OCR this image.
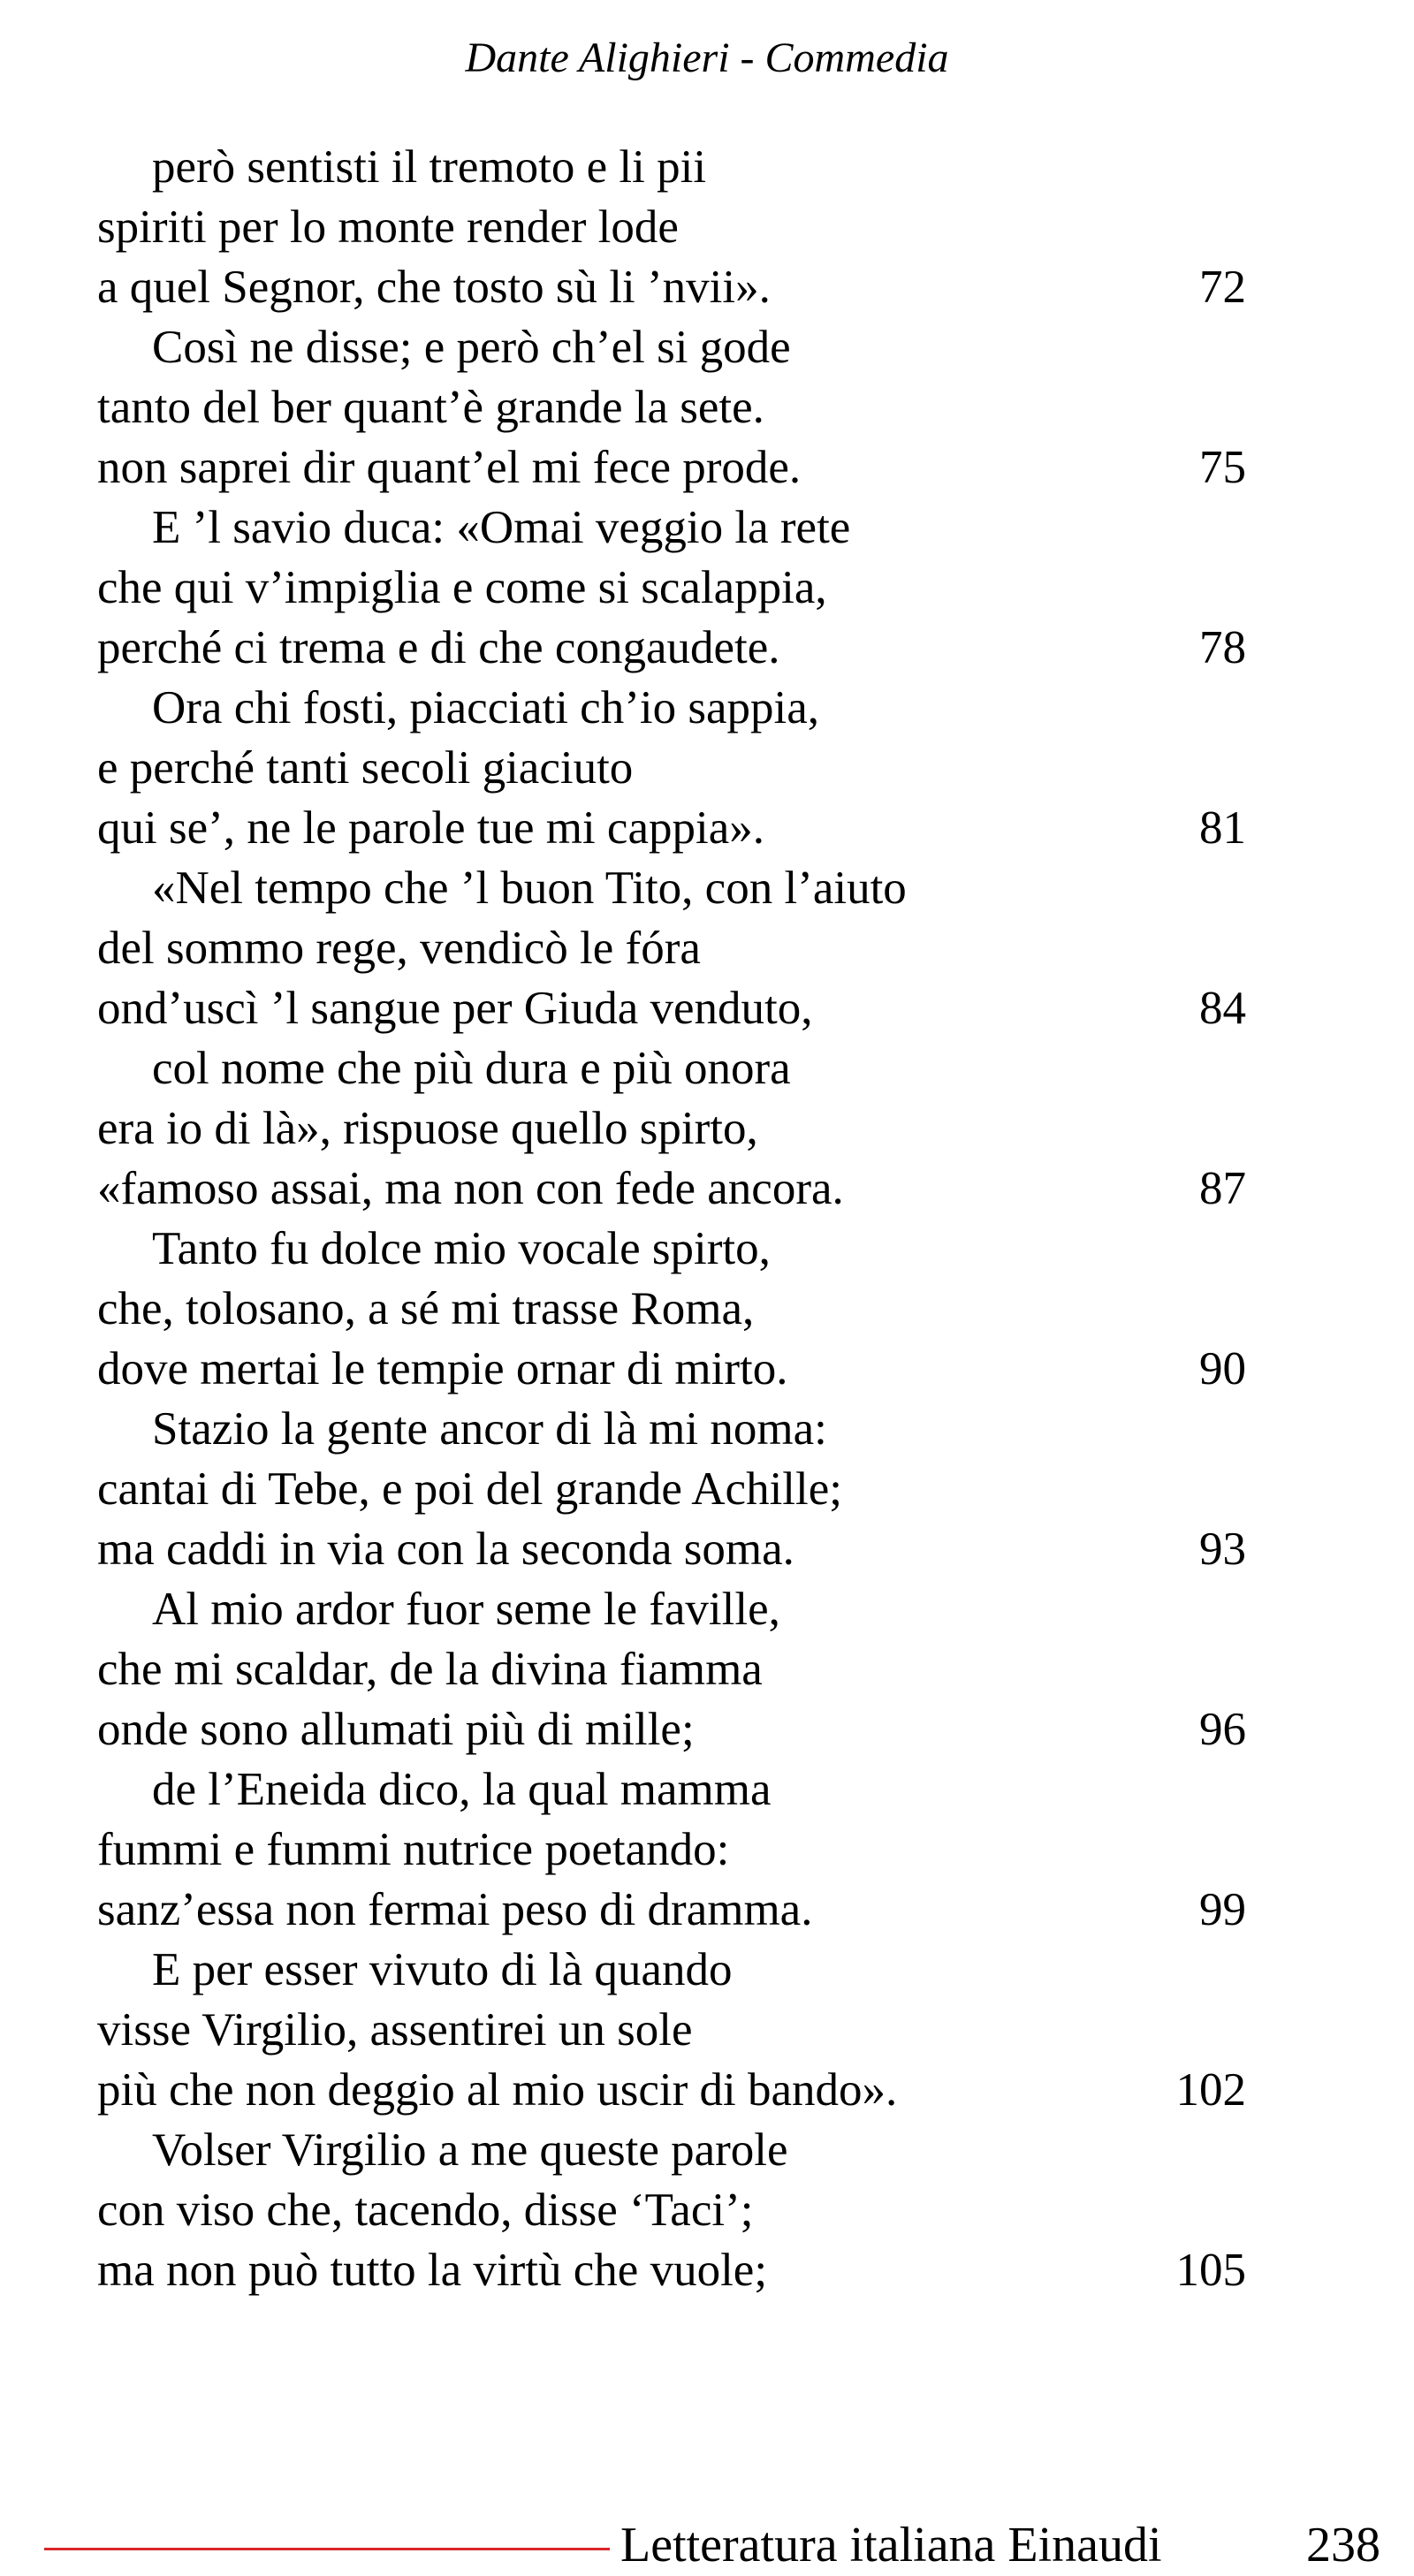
Dante Alighieri - Commedia
però sentisti il tremoto e li pii
spiriti per lo monte render lode
a quel Segnor, che tosto sù li ’nvii».	72
Così ne disse; e però ch’el si gode
tanto del ber quant’è grande la sete.
non saprei dir quant’el mi fece prode.	75
E ’l savio duca: «Omai veggio la rete
che qui v’impiglia e come si scalappia,
perché ci trema e di che congaudete.	78
Ora chi fosti, piacciati ch’io sappia,
e perché tanti secoli giaciuto
qui se’, ne le parole tue mi cappia».	81
«Nel tempo che ’l buon Tito, con l’aiuto
del sommo rege, vendicò le fóra
ond’uscì ’l sangue per Giuda venduto,	84
col nome che più dura e più onora
era io di là», rispuose quello spirto,
«famoso assai, ma non con fede ancora.	87
Tanto fu dolce mio vocale spirto,
che, tolosano, a sé mi trasse Roma,
dove mertai le tempie ornar di mirto.	90
Stazio la gente ancor di là mi noma:
cantai di Tebe, e poi del grande Achille;
ma caddi in via con la seconda soma.	93
Al mio ardor fuor seme le faville,
che mi scaldar, de la divina fiamma
onde sono allumati più di mille;	96
de l’Eneida dico, la qual mamma
fummi e fummi nutrice poetando:
sanz’essa non fermai peso di dramma.	99
E per esser vivuto di là quando
visse Virgilio, assentirei un sole
più che non deggio al mio uscir di bando».	102
Volser Virgilio a me queste parole
con viso che, tacendo, disse ‘Taci’;
ma non può tutto la virtù che vuole;	105
Letteratura italiana Einaudi	238
